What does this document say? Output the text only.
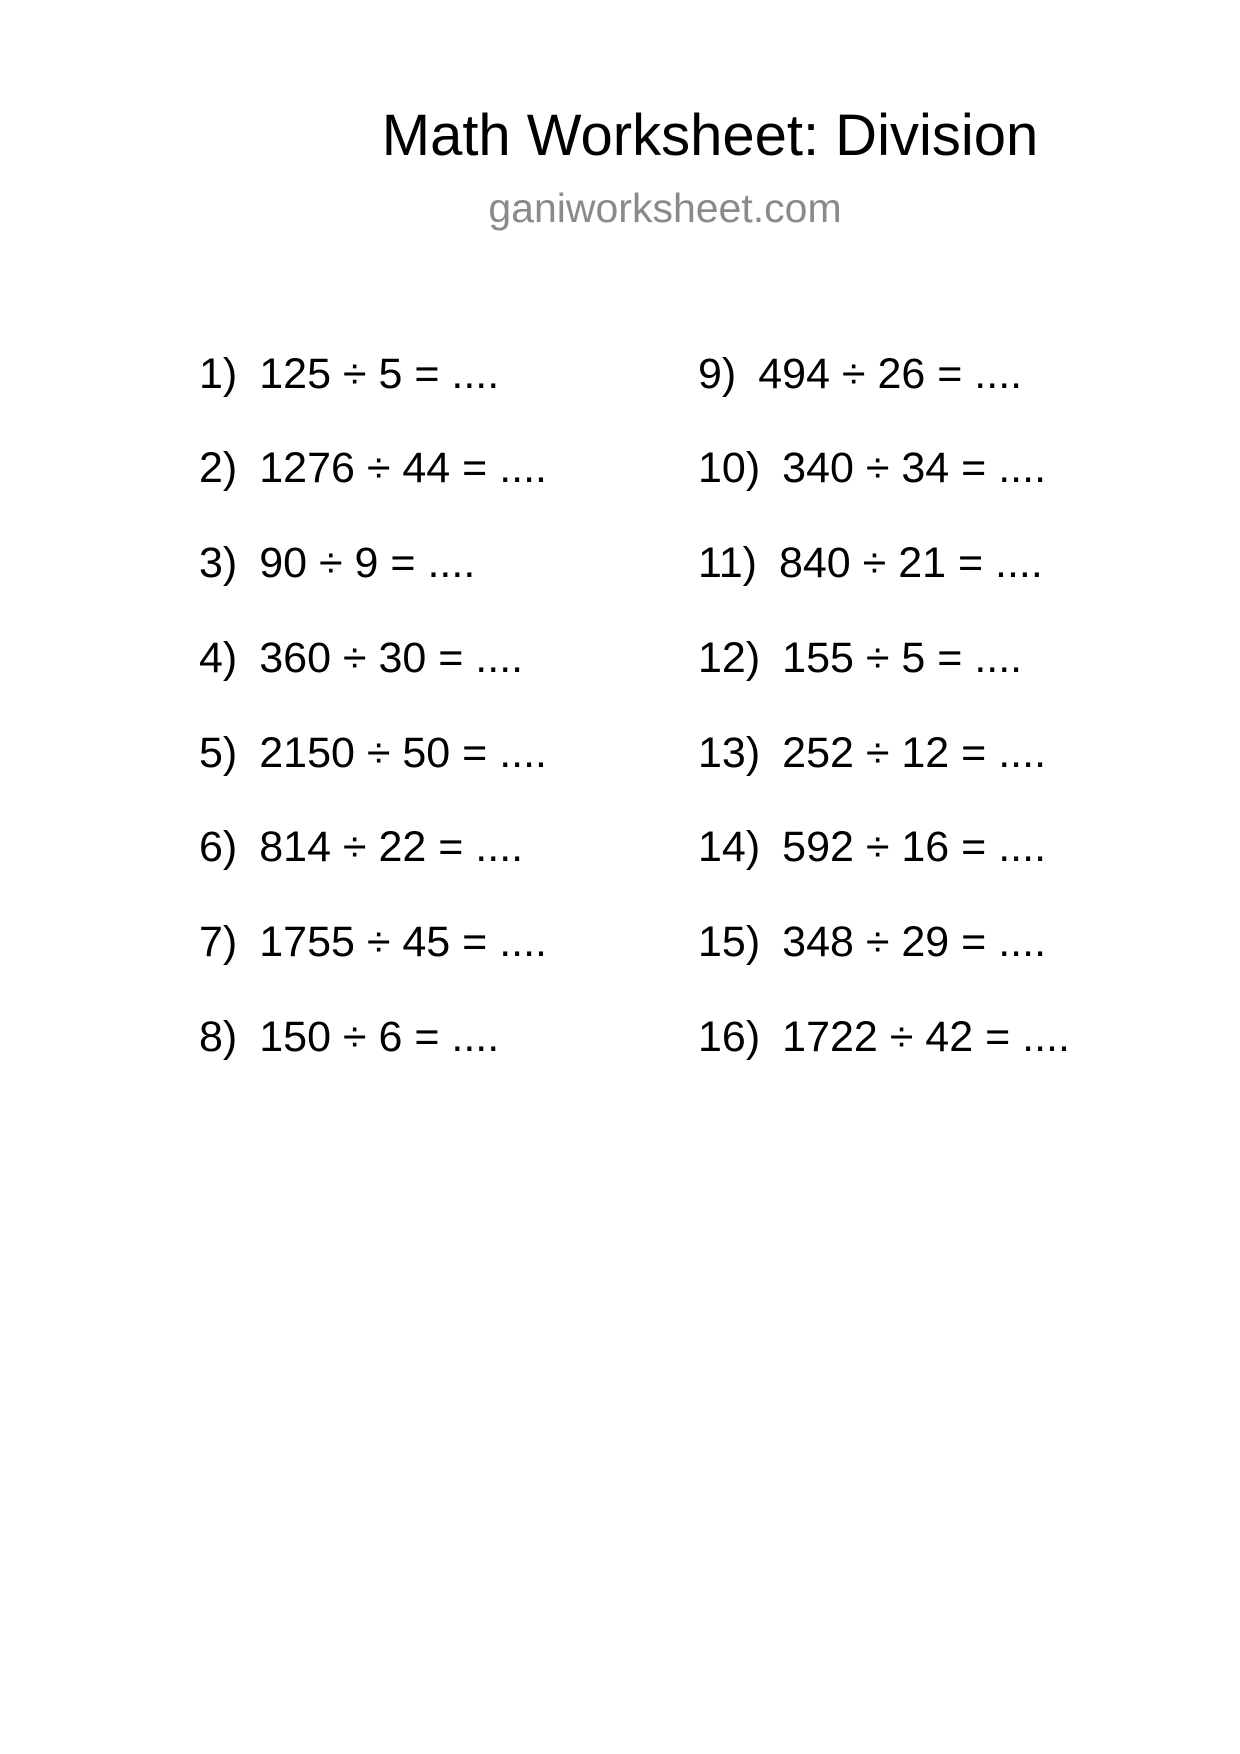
Math Worksheet: Division
ganiworksheet.com
1) 125 ÷ 5 = ....
2) 1276 ÷ 44 = ....
3) 90 ÷ 9 = ....
4) 360 ÷ 30 = ....
5) 2150 ÷ 50 = ....
6) 814 ÷ 22 = ....
7) 1755 ÷ 45 = ....
8) 150 ÷ 6 = ....
9) 494 ÷ 26 = ....
10) 340 ÷ 34 = ....
11) 840 ÷ 21 = ....
12) 155 ÷ 5 = ....
13) 252 ÷ 12 = ....
14) 592 ÷ 16 = ....
15) 348 ÷ 29 = ....
16) 1722 ÷ 42 = ....
